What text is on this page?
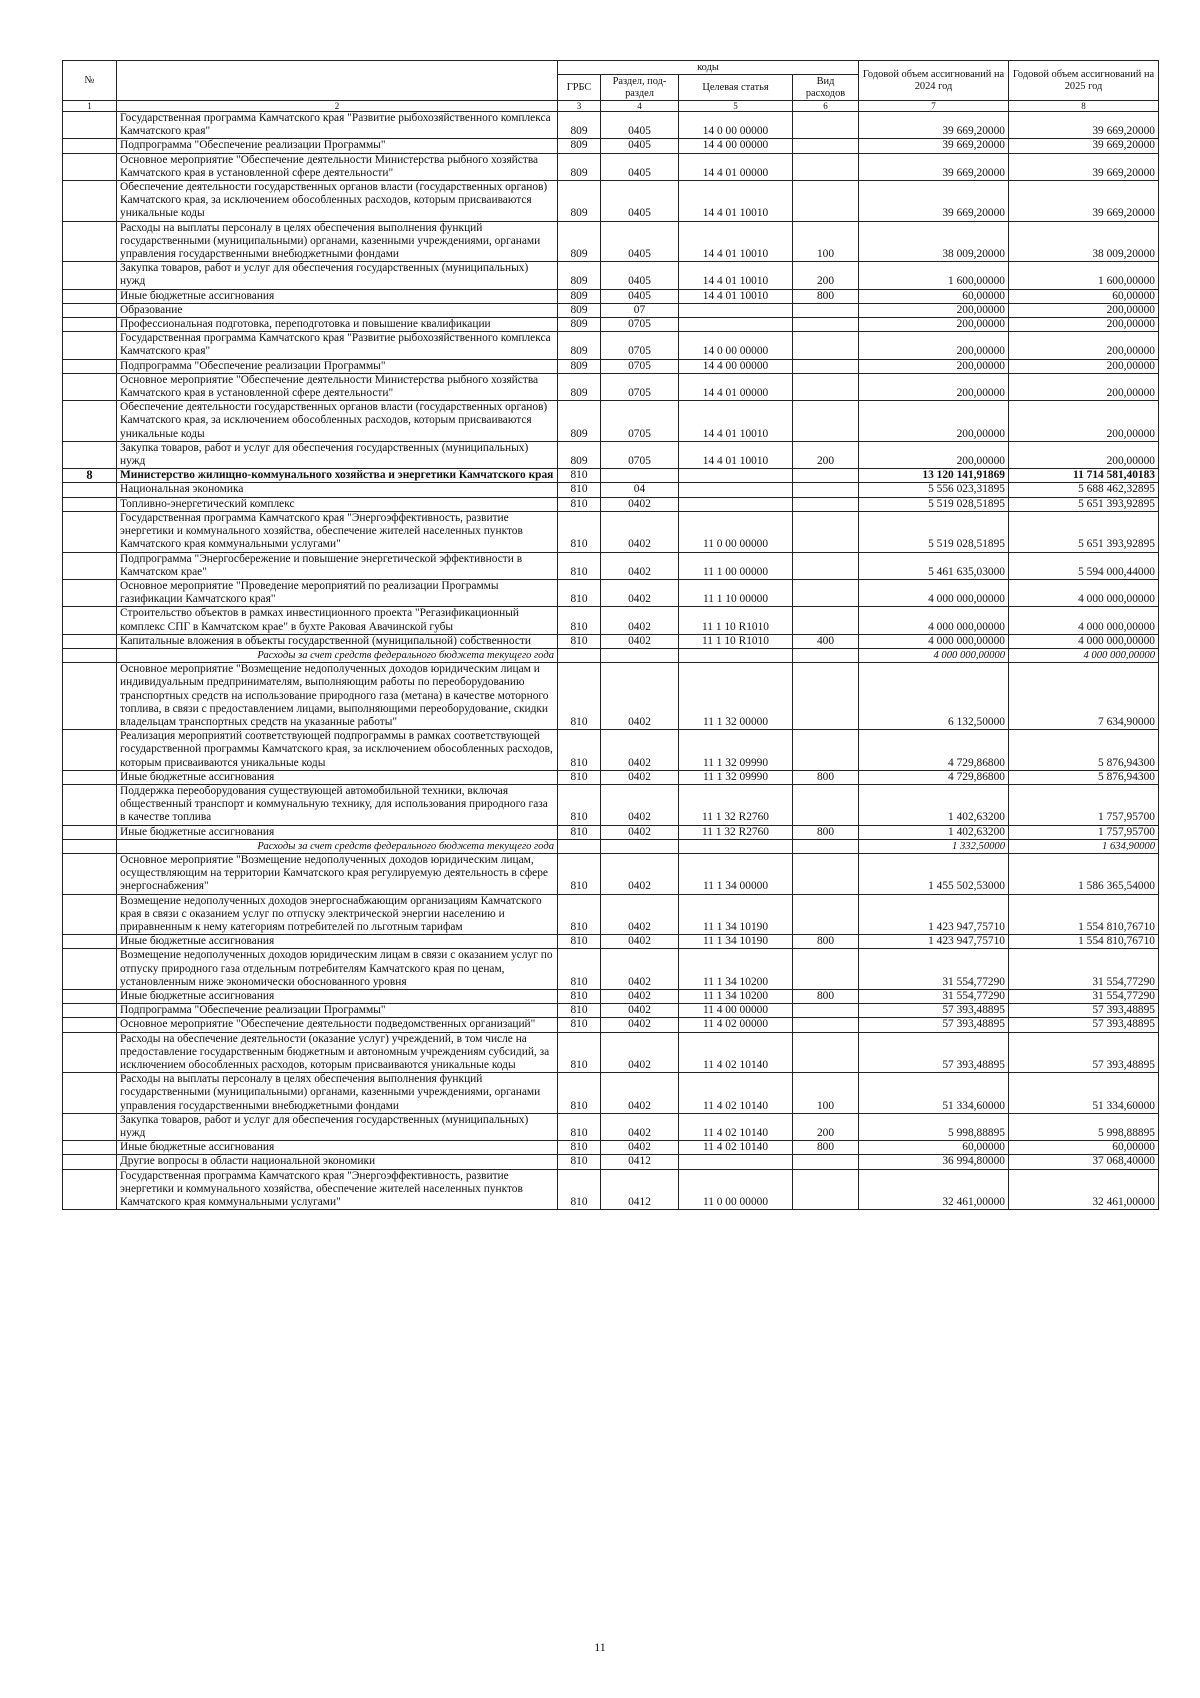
№		коды				Годовой объем ассигнований на 2024 год	Годовой объем ассигнований на 2025 год
		ГРБС	Раздел, под-раздел	Целевая статья	Вид расходов		
1	2	3	4	5	6	7	8
	Государственная программа Камчатского края "Развитие рыбохозяйственного комплекса Камчатского края"	809	0405	14 0 00 00000		39 669,20000	39 669,20000
	Подпрограмма "Обеспечение реализации Программы"	809	0405	14 4 00 00000		39 669,20000	39 669,20000
	Основное мероприятие "Обеспечение деятельности Министерства рыбного хозяйства Камчатского края в установленной сфере деятельности"	809	0405	14 4 01 00000		39 669,20000	39 669,20000
	Обеспечение деятельности государственных органов власти (государственных органов) Камчатского края, за исключением обособленных расходов, которым присваиваются уникальные коды	809	0405	14 4 01 10010		39 669,20000	39 669,20000
	Расходы на выплаты персоналу в целях обеспечения выполнения функций государственными (муниципальными) органами, казенными учреждениями, органами управления государственными внебюджетными фондами	809	0405	14 4 01 10010	100	38 009,20000	38 009,20000
	Закупка товаров, работ и услуг для обеспечения государственных (муниципальных) нужд	809	0405	14 4 01 10010	200	1 600,00000	1 600,00000
	Иные бюджетные ассигнования	809	0405	14 4 01 10010	800	60,00000	60,00000
	Образование	809	07			200,00000	200,00000
	Профессиональная подготовка, переподготовка и повышение квалификации	809	0705			200,00000	200,00000
	Государственная программа Камчатского края "Развитие рыбохозяйственного комплекса Камчатского края"	809	0705	14 0 00 00000		200,00000	200,00000
	Подпрограмма "Обеспечение реализации Программы"	809	0705	14 4 00 00000		200,00000	200,00000
	Основное мероприятие "Обеспечение деятельности Министерства рыбного хозяйства Камчатского края в установленной сфере деятельности"	809	0705	14 4 01 00000		200,00000	200,00000
	Обеспечение деятельности государственных органов власти (государственных органов) Камчатского края, за исключением обособленных расходов, которым присваиваются уникальные коды	809	0705	14 4 01 10010		200,00000	200,00000
	Закупка товаров, работ и услуг для обеспечения государственных (муниципальных) нужд	809	0705	14 4 01 10010	200	200,00000	200,00000
8	Министерство жилищно-коммунального хозяйства и энергетики Камчатского края	810				13 120 141,91869	11 714 581,40183
	Национальная экономика	810	04			5 556 023,31895	5 688 462,32895
	Топливно-энергетический комплекс	810	0402			5 519 028,51895	5 651 393,92895
	Государственная программа Камчатского края "Энергоэффективность, развитие энергетики и коммунального хозяйства, обеспечение жителей населенных пунктов Камчатского края коммунальными услугами"	810	0402	11 0 00 00000		5 519 028,51895	5 651 393,92895
	Подпрограмма "Энергосбережение и повышение энергетической эффективности в Камчатском крае"	810	0402	11 1 00 00000		5 461 635,03000	5 594 000,44000
	Основное мероприятие "Проведение мероприятий по реализации Программы газификации Камчатского края"	810	0402	11 1 10 00000		4 000 000,00000	4 000 000,00000
	Строительство объектов в рамках инвестиционного проекта "Регазификационный комплекс СПГ в Камчатском крае" в бухте Раковая Авачинской губы	810	0402	11 1 10 R1010		4 000 000,00000	4 000 000,00000
	Капитальные вложения в объекты государственной (муниципальной) собственности	810	0402	11 1 10 R1010	400	4 000 000,00000	4 000 000,00000
	Расходы за счет средств федерального бюджета текущего года					4 000 000,00000	4 000 000,00000
	Основное мероприятие "Возмещение недополученных доходов юридическим лицам и индивидуальным предпринимателям, выполняющим работы по переоборудованию транспортных средств на использование природного газа (метана) в качестве моторного топлива, в связи с предоставлением лицами, выполняющими переоборудование, скидки владельцам транспортных средств на указанные работы"	810	0402	11 1 32 00000		6 132,50000	7 634,90000
	Реализация мероприятий соответствующей подпрограммы в рамках соответствующей государственной программы Камчатского края, за исключением обособленных расходов, которым присваиваются уникальные коды	810	0402	11 1 32 09990		4 729,86800	5 876,94300
	Иные бюджетные ассигнования	810	0402	11 1 32 09990	800	4 729,86800	5 876,94300
	Поддержка переоборудования существующей автомобильной техники, включая общественный транспорт и коммунальную технику, для использования природного газа в качестве топлива	810	0402	11 1 32 R2760		1 402,63200	1 757,95700
	Иные бюджетные ассигнования	810	0402	11 1 32 R2760	800	1 402,63200	1 757,95700
	Расходы за счет средств федерального бюджета текущего года					1 332,50000	1 634,90000
	Основное мероприятие "Возмещение недополученных доходов юридическим лицам, осуществляющим на территории Камчатского края регулируемую деятельность в сфере энергоснабжения"	810	0402	11 1 34 00000		1 455 502,53000	1 586 365,54000
	Возмещение недополученных доходов энергоснабжающим организациям Камчатского края в связи с оказанием услуг по отпуску электрической энергии населению и приравненным к нему категориям потребителей по льготным тарифам	810	0402	11 1 34 10190		1 423 947,75710	1 554 810,76710
	Иные бюджетные ассигнования	810	0402	11 1 34 10190	800	1 423 947,75710	1 554 810,76710
	Возмещение недополученных доходов юридическим лицам в связи с оказанием услуг по отпуску природного газа отдельным потребителям Камчатского края по ценам, установленным ниже экономически обоснованного уровня	810	0402	11 1 34 10200		31 554,77290	31 554,77290
	Иные бюджетные ассигнования	810	0402	11 1 34 10200	800	31 554,77290	31 554,77290
	Подпрограмма "Обеспечение реализации Программы"	810	0402	11 4 00 00000		57 393,48895	57 393,48895
	Основное мероприятие "Обеспечение деятельности подведомственных организаций"	810	0402	11 4 02 00000		57 393,48895	57 393,48895
	Расходы на обеспечение деятельности (оказание услуг) учреждений, в том числе на предоставление государственным бюджетным и автономным учреждениям субсидий, за исключением обособленных расходов, которым присваиваются уникальные коды	810	0402	11 4 02 10140		57 393,48895	57 393,48895
	Расходы на выплаты персоналу в целях обеспечения выполнения функций государственными (муниципальными) органами, казенными учреждениями, органами управления государственными внебюджетными фондами	810	0402	11 4 02 10140	100	51 334,60000	51 334,60000
	Закупка товаров, работ и услуг для обеспечения государственных (муниципальных) нужд	810	0402	11 4 02 10140	200	5 998,88895	5 998,88895
	Иные бюджетные ассигнования	810	0402	11 4 02 10140	800	60,00000	60,00000
	Другие вопросы в области национальной экономики	810	0412			36 994,80000	37 068,40000
	Государственная программа Камчатского края "Энергоэффективность, развитие энергетики и коммунального хозяйства, обеспечение жителей населенных пунктов Камчатского края коммунальными услугами"	810	0412	11 0 00 00000		32 461,00000	32 461,00000
11
